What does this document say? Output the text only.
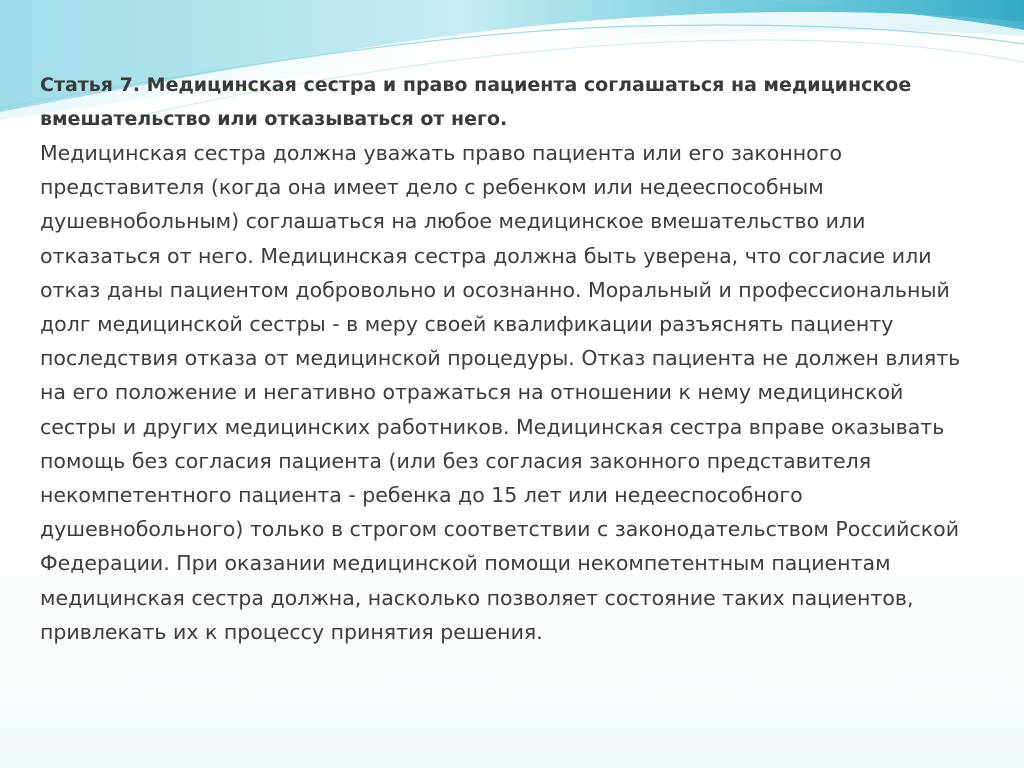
Статья 7. Медицинская сестра и право пациента соглашаться на медицинское вмешательство или отказываться от него.

Медицинская сестра должна уважать право пациента или его законного представителя (когда она имеет дело с ребенком или недееспособным душевнобольным) соглашаться на любое медицинское вмешательство или отказаться от него. Медицинская сестра должна быть уверена, что согласие или отказ даны пациентом добровольно и осознанно. Моральный и профессиональный долг медицинской сестры - в меру своей квалификации разъяснять пациенту последствия отказа от медицинской процедуры. Отказ пациента не должен влиять на его положение и негативно отражаться на отношении к нему медицинской сестры и других медицинских работников. Медицинская сестра вправе оказывать помощь без согласия пациента (или без согласия законного представителя некомпетентного пациента - ребенка до 15 лет или недееспособного душевнобольного) только в строгом соответствии с законодательством Российской Федерации. При оказании медицинской помощи некомпетентным пациентам медицинская сестра должна, насколько позволяет состояние таких пациентов, привлекать их к процессу принятия решения.
